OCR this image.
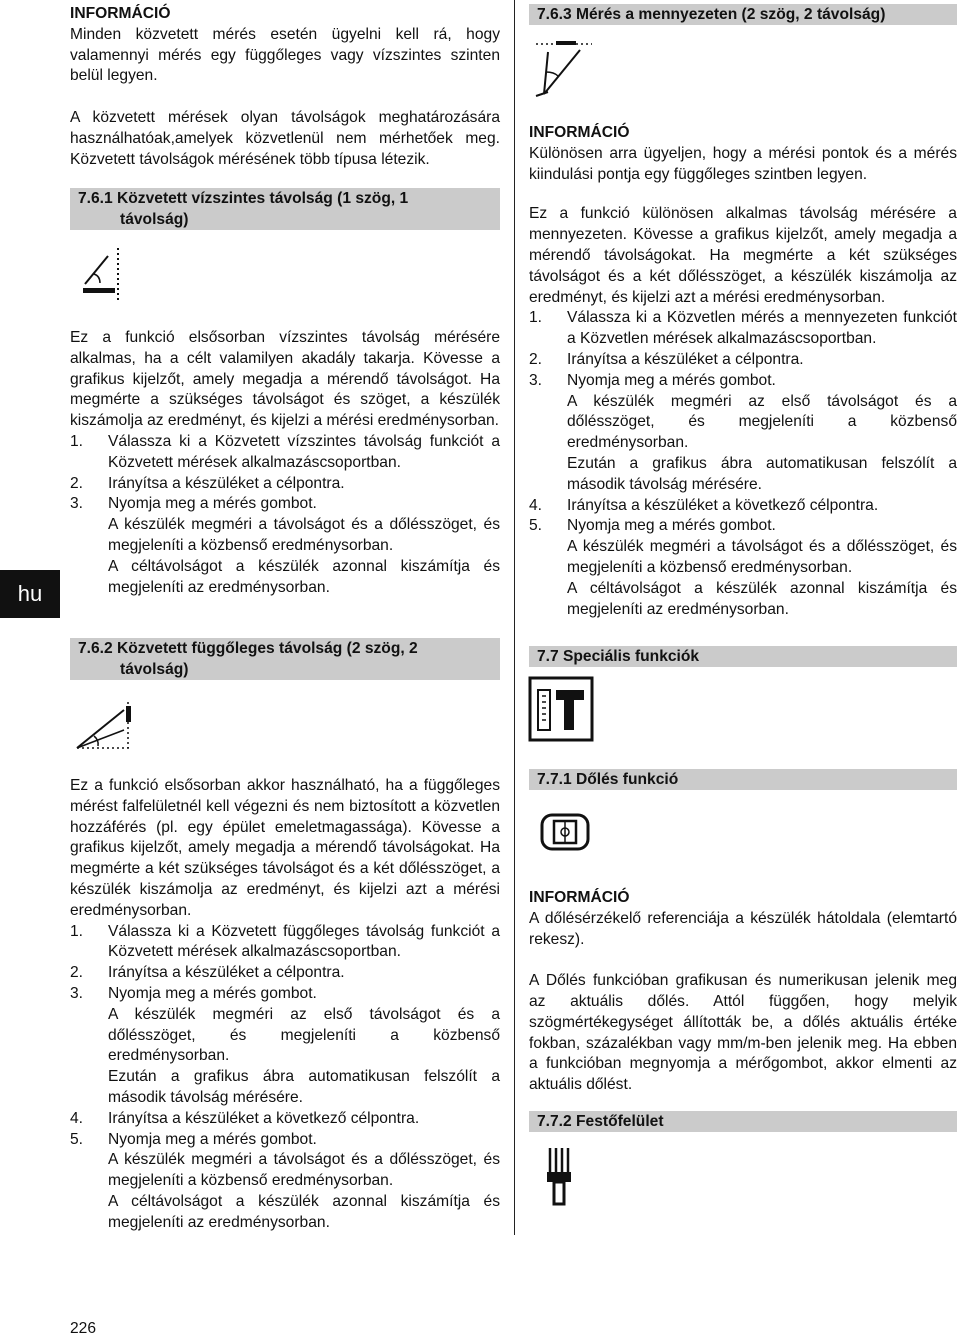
hu

INFORMÁCIÓ

Minden közvetett mérés esetén ügyelni kell rá, hogy valamennyi mérés egy függőleges vagy vízszintes szinten belül legyen.

A közvetett mérések olyan távolságok meghatározására használhatóak,amelyek közvetlenül nem mérhetőek meg. Közvetett távolságok mérésének több típusa létezik.

7.6.1 Közvetett vízszintes távolság (1 szög, 1
távolság)

Ez a funkció elsősorban vízszintes távolság mérésére alkalmas, ha a célt valamilyen akadály takarja. Kövesse a grafikus kijelzőt, amely megadja a mérendő távolságot. Ha megmérte a szükséges távolságot és szöget, a készülék kiszámolja az eredményt, és kijelzi a mérési eredménysorban.

1. Válassza ki a Közvetett vízszintes távolság funkciót a Közvetett mérések alkalmazáscsoportban.

2. Irányítsa a készüléket a célpontra.

3. Nyomja meg a mérés gombot.

A készülék megméri a távolságot és a dőlésszöget, és megjeleníti a közbenső eredménysorban.

A céltávolságot a készülék azonnal kiszámítja és megjeleníti az eredménysorban.

7.6.2 Közvetett függőleges távolság (2 szög, 2
távolság)

Ez a funkció elsősorban akkor használható, ha a függőleges mérést falfelületnél kell végezni és nem biztosított a közvetlen hozzáférés (pl. egy épület emeletmagassága). Kövesse a grafikus kijelzőt, amely megadja a mérendő távolságokat. Ha megmérte a két szükséges távolságot és a két dőlésszöget, a készülék kiszámolja az eredményt, és kijelzi azt a mérési eredménysorban.

1. Válassza ki a Közvetett függőleges távolság funkciót a Közvetett mérések alkalmazáscsoportban.

2. Irányítsa a készüléket a célpontra.

3. Nyomja meg a mérés gombot.

A készülék megméri az első távolságot és a dőlésszöget, és megjeleníti a közbenső eredménysorban.

Ezután a grafikus ábra automatikusan felszólít a második távolság mérésére.

4. Irányítsa a készüléket a következő célpontra.

5. Nyomja meg a mérés gombot.

A készülék megméri a távolságot és a dőlésszöget, és megjeleníti a közbenső eredménysorban.

A céltávolságot a készülék azonnal kiszámítja és megjeleníti az eredménysorban.

226
7.6.3 Mérés a mennyezeten (2 szög, 2 távolság)

INFORMÁCIÓ

Különösen arra ügyeljen, hogy a mérési pontok és a mérés kiindulási pontja egy függőleges szintben legyen.

Ez a funkció különösen alkalmas távolság mérésére a mennyezeten. Kövesse a grafikus kijelzőt, amely megadja a mérendő távolságokat. Ha megmérte a két szükséges távolságot és a két dőlésszöget, a készülék kiszámolja az eredményt, és kijelzi azt a mérési eredménysorban.

1. Válassza ki a Közvetlen mérés a mennyezeten funkciót a Közvetlen mérések alkalmazáscsoportban.

2. Irányítsa a készüléket a célpontra.

3. Nyomja meg a mérés gombot.

A készülék megméri az első távolságot és a dőlésszöget, és megjeleníti a közbenső eredménysorban.

Ezután a grafikus ábra automatikusan felszólít a második távolság mérésére.

4. Irányítsa a készüléket a következő célpontra.

5. Nyomja meg a mérés gombot.

A készülék megméri a távolságot és a dőlésszöget, és megjeleníti a közbenső eredménysorban.

A céltávolságot a készülék azonnal kiszámítja és megjeleníti az eredménysorban.

7.7 Speciális funkciók
7.7.1 Dőlés funkció

INFORMÁCIÓ

A dőlésérzékelő referenciája a készülék hátoldala (elemtartó rekesz).

A Dőlés funkcióban grafikusan és numerikusan jelenik meg az aktuális dőlés. Attól függően, hogy melyik szögmértékegységet állították be, a dőlés aktuális értéke fokban, százalékban vagy mm/m-ben jelenik meg. Ha ebben a funkcióban megnyomja a mérőgombot, akkor elmenti az aktuális dőlést.

7.7.2 Festőfelület
